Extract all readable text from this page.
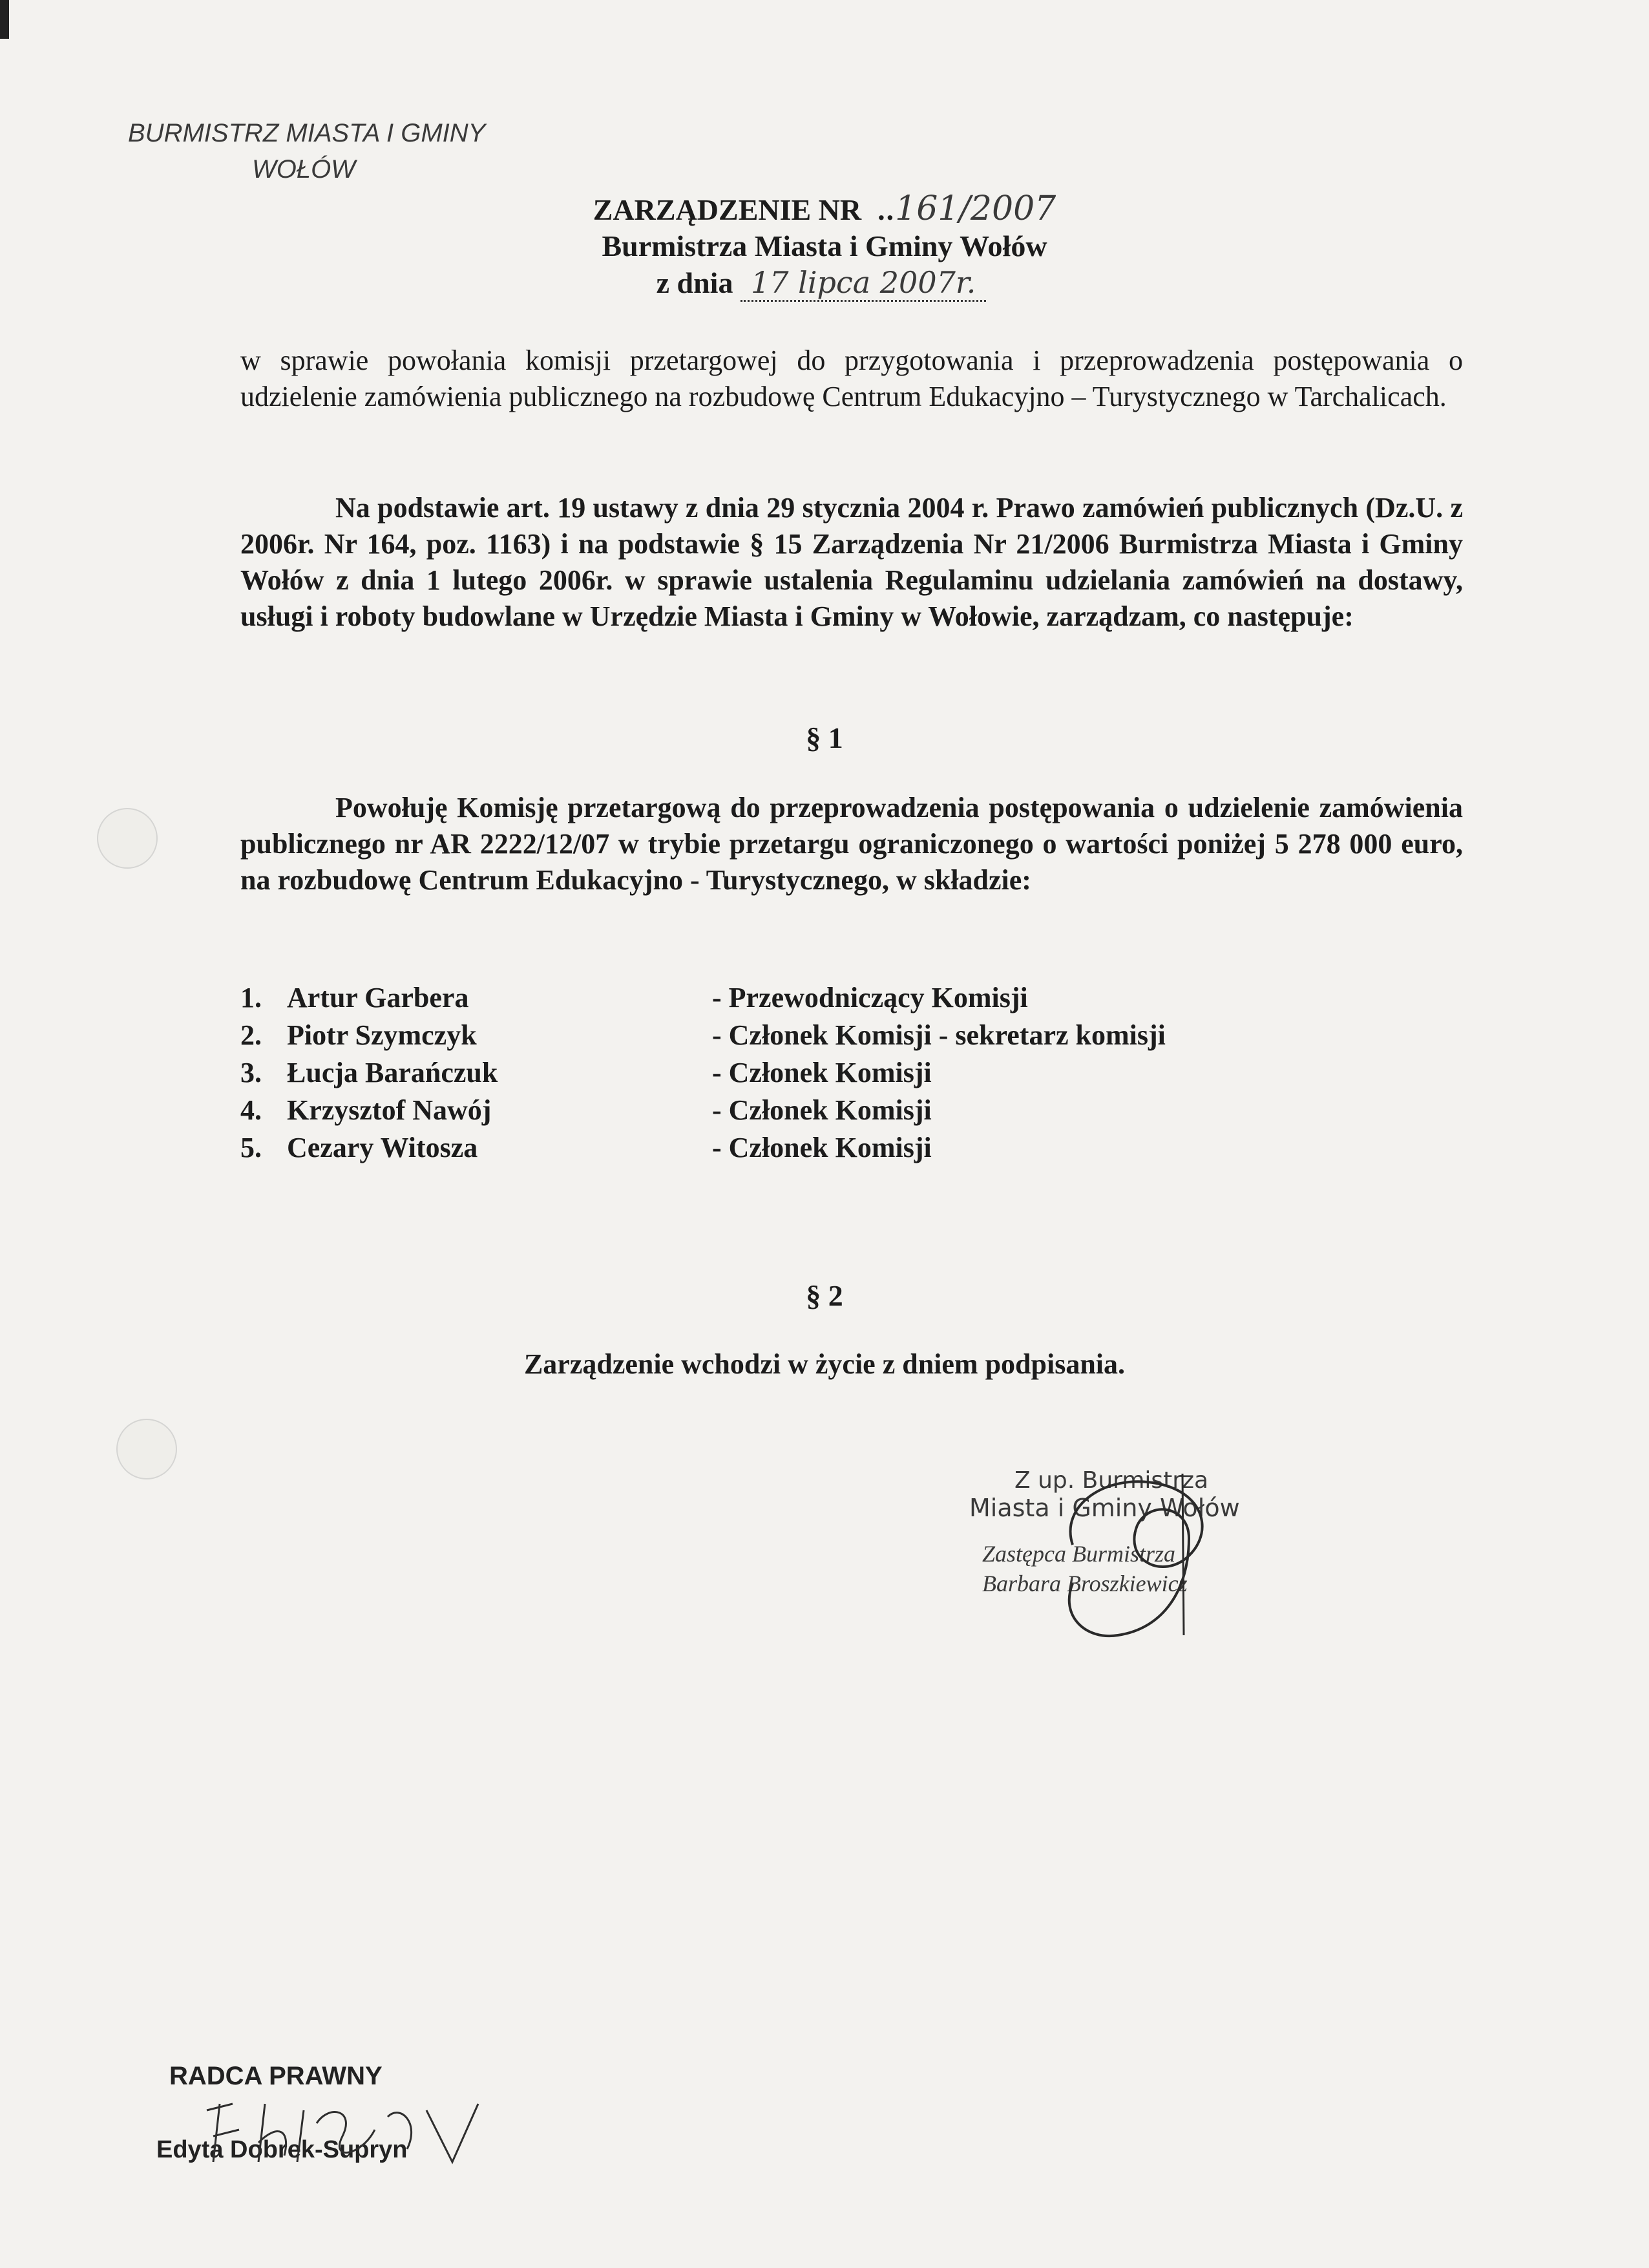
BURMISTRZ MIASTA I GMINY
WOŁÓW
ZARZĄDZENIE NR  ..161/2007
Burmistrza Miasta i Gminy Wołów
z dnia 17 lipca 2007r.
w sprawie powołania komisji przetargowej do przygotowania i przeprowadzenia postępowania o udzielenie zamówienia publicznego na rozbudowę Centrum Edukacyjno – Turystycznego w Tarchalicach.
Na podstawie art. 19 ustawy z dnia 29 stycznia 2004 r. Prawo zamówień publicznych (Dz.U. z 2006r. Nr 164, poz. 1163) i na podstawie § 15 Zarządzenia Nr 21/2006 Burmistrza Miasta i Gminy Wołów z dnia 1 lutego 2006r. w sprawie ustalenia Regulaminu udzielania zamówień na dostawy, usługi i roboty budowlane w Urzędzie Miasta i Gminy w Wołowie, zarządzam, co następuje:
§ 1
Powołuję Komisję przetargową do przeprowadzenia postępowania o udzielenie zamówienia publicznego nr AR 2222/12/07 w trybie przetargu ograniczonego o wartości poniżej 5 278 000 euro, na rozbudowę Centrum Edukacyjno - Turystycznego, w składzie:
1. Artur Garbera	- Przewodniczący Komisji
2. Piotr Szymczyk	- Członek Komisji - sekretarz komisji
3. Łucja Barańczuk	- Członek Komisji
4. Krzysztof Nawój	- Członek Komisji
5. Cezary Witosza	- Członek Komisji
§ 2
Zarządzenie wchodzi w życie z dniem podpisania.
Z up. Burmistrza
Miasta i Gminy Wołów
Zastępca Burmistrza
Barbara Broszkiewicz
RADCA PRAWNY
Edyta Dobrek-Supryn
